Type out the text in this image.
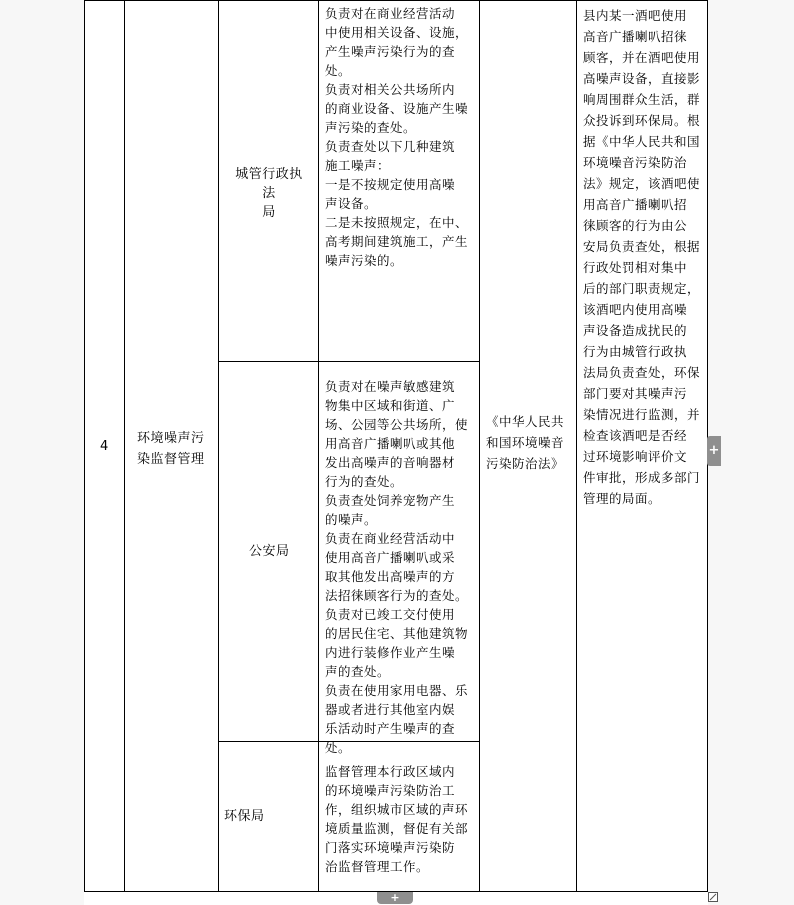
4
环境噪声污
染监督管理
城管行政执法
局
公安局
环保局
负责对在商业经营活动
中使用相关设备、设施，
产生噪声污染行为的查
处。
负责对相关公共场所内
的商业设备、设施产生噪
声污染的查处。
负责查处以下几种建筑
施工噪声：
一是不按规定使用高噪
声设备。
二是未按照规定，在中、
高考期间建筑施工，产生
噪声污染的。
负责对在噪声敏感建筑
物集中区域和街道、广
场、公园等公共场所，使
用高音广播喇叭或其他
发出高噪声的音响器材
行为的查处。
负责查处饲养宠物产生
的噪声。
负责在商业经营活动中
使用高音广播喇叭或采
取其他发出高噪声的方
法招徕顾客行为的查处。
负责对已竣工交付使用
的居民住宅、其他建筑物
内进行装修作业产生噪
声的查处。
负责在使用家用电器、乐
器或者进行其他室内娱
乐活动时产生噪声的查
处。
监督管理本行政区域内
的环境噪声污染防治工
作，组织城市区域的声环
境质量监测，督促有关部
门落实环境噪声污染防
治监督管理工作。
《中华人民共
和国环境噪音
污染防治法》
县内某一酒吧使用
高音广播喇叭招徕
顾客，并在酒吧使用
高噪声设备，直接影
响周围群众生活，群
众投诉到环保局。根
据《中华人民共和国
环境噪音污染防治
法》规定，该酒吧使
用高音广播喇叭招
徕顾客的行为由公
安局负责查处，根据
行政处罚相对集中
后的部门职责规定，
该酒吧内使用高噪
声设备造成扰民的
行为由城管行政执
法局负责查处，环保
部门要对其噪声污
染情况进行监测，并
检查该酒吧是否经
过环境影响评价文
件审批，形成多部门
管理的局面。
+
+
